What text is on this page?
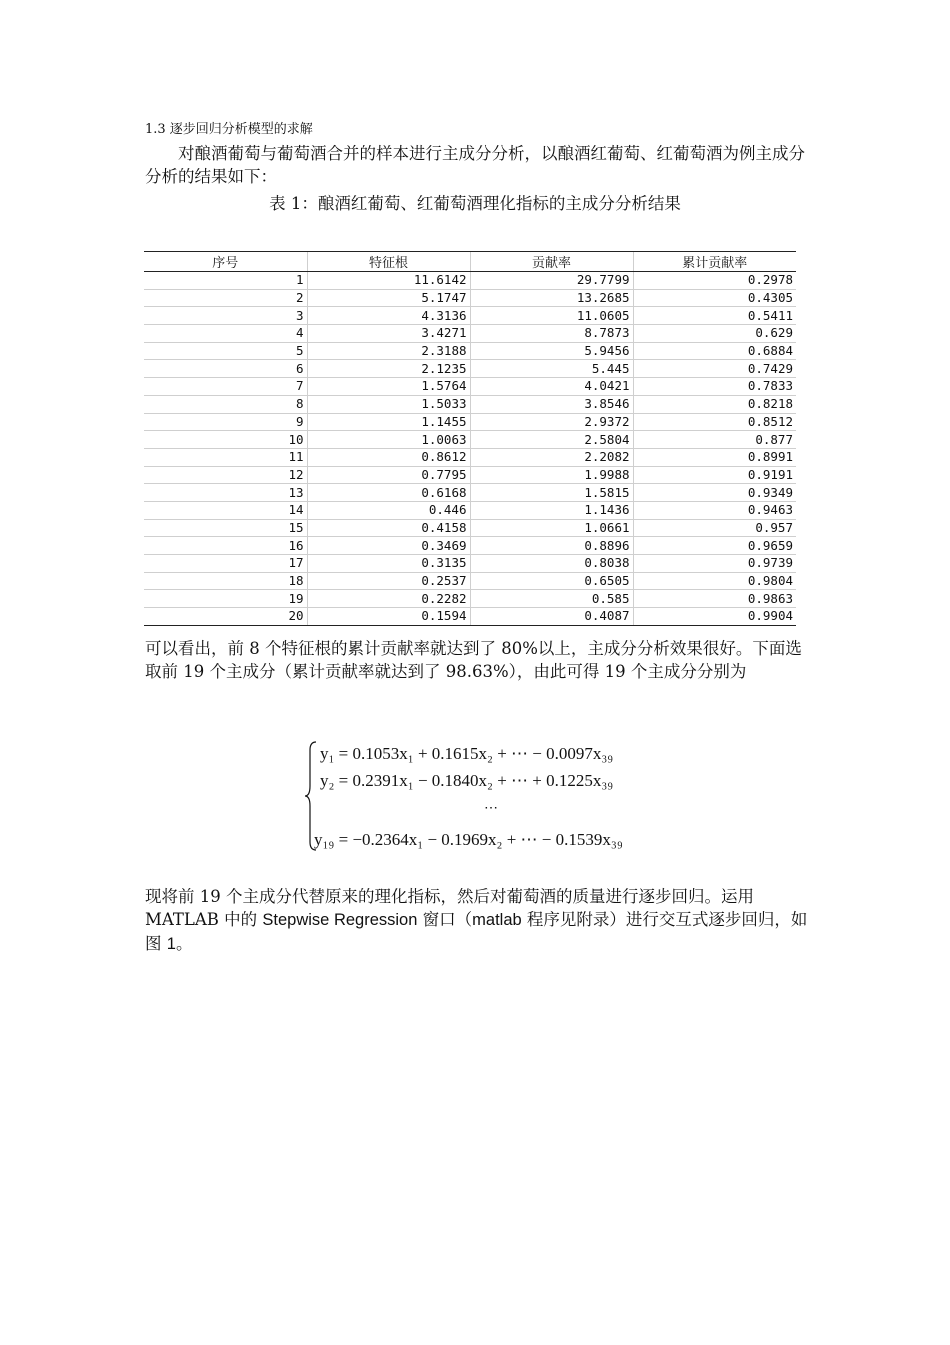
1.3 逐步回归分析模型的求解
对酿酒葡萄与葡萄酒合并的样本进行主成分分析，以酿酒红葡萄、红葡萄酒为例主成分分析的结果如下：
表 1：酿酒红葡萄、红葡萄酒理化指标的主成分分析结果
序号	特征根	贡献率	累计贡献率
1	11.6142	29.7799	0.2978
2	5.1747	13.2685	0.4305
3	4.3136	11.0605	0.5411
4	3.4271	8.7873	0.629
5	2.3188	5.9456	0.6884
6	2.1235	5.445	0.7429
7	1.5764	4.0421	0.7833
8	1.5033	3.8546	0.8218
9	1.1455	2.9372	0.8512
10	1.0063	2.5804	0.877
11	0.8612	2.2082	0.8991
12	0.7795	1.9988	0.9191
13	0.6168	1.5815	0.9349
14	0.446	1.1436	0.9463
15	0.4158	1.0661	0.957
16	0.3469	0.8896	0.9659
17	0.3135	0.8038	0.9739
18	0.2537	0.6505	0.9804
19	0.2282	0.585	0.9863
20	0.1594	0.4087	0.9904
可以看出，前 8 个特征根的累计贡献率就达到了 80%以上，主成分分析效果很好。下面选取前 19 个主成分（累计贡献率就达到了 98.63%），由此可得 19 个主成分分别为
y₁ = 0.1053x₁ + 0.1615x₂ + ⋯ − 0.0097x₃₉
y₂ = 0.2391x₁ − 0.1840x₂ + ⋯ + 0.1225x₃₉
⋯
y₁₉ = −0.2364x₁ − 0.1969x₂ + ⋯ − 0.1539x₃₉
现将前 19 个主成分代替原来的理化指标，然后对葡萄酒的质量进行逐步回归。运用 MATLAB 中的 Stepwise Regression 窗口（matlab 程序见附录）进行交互式逐步回归，如图 1。
